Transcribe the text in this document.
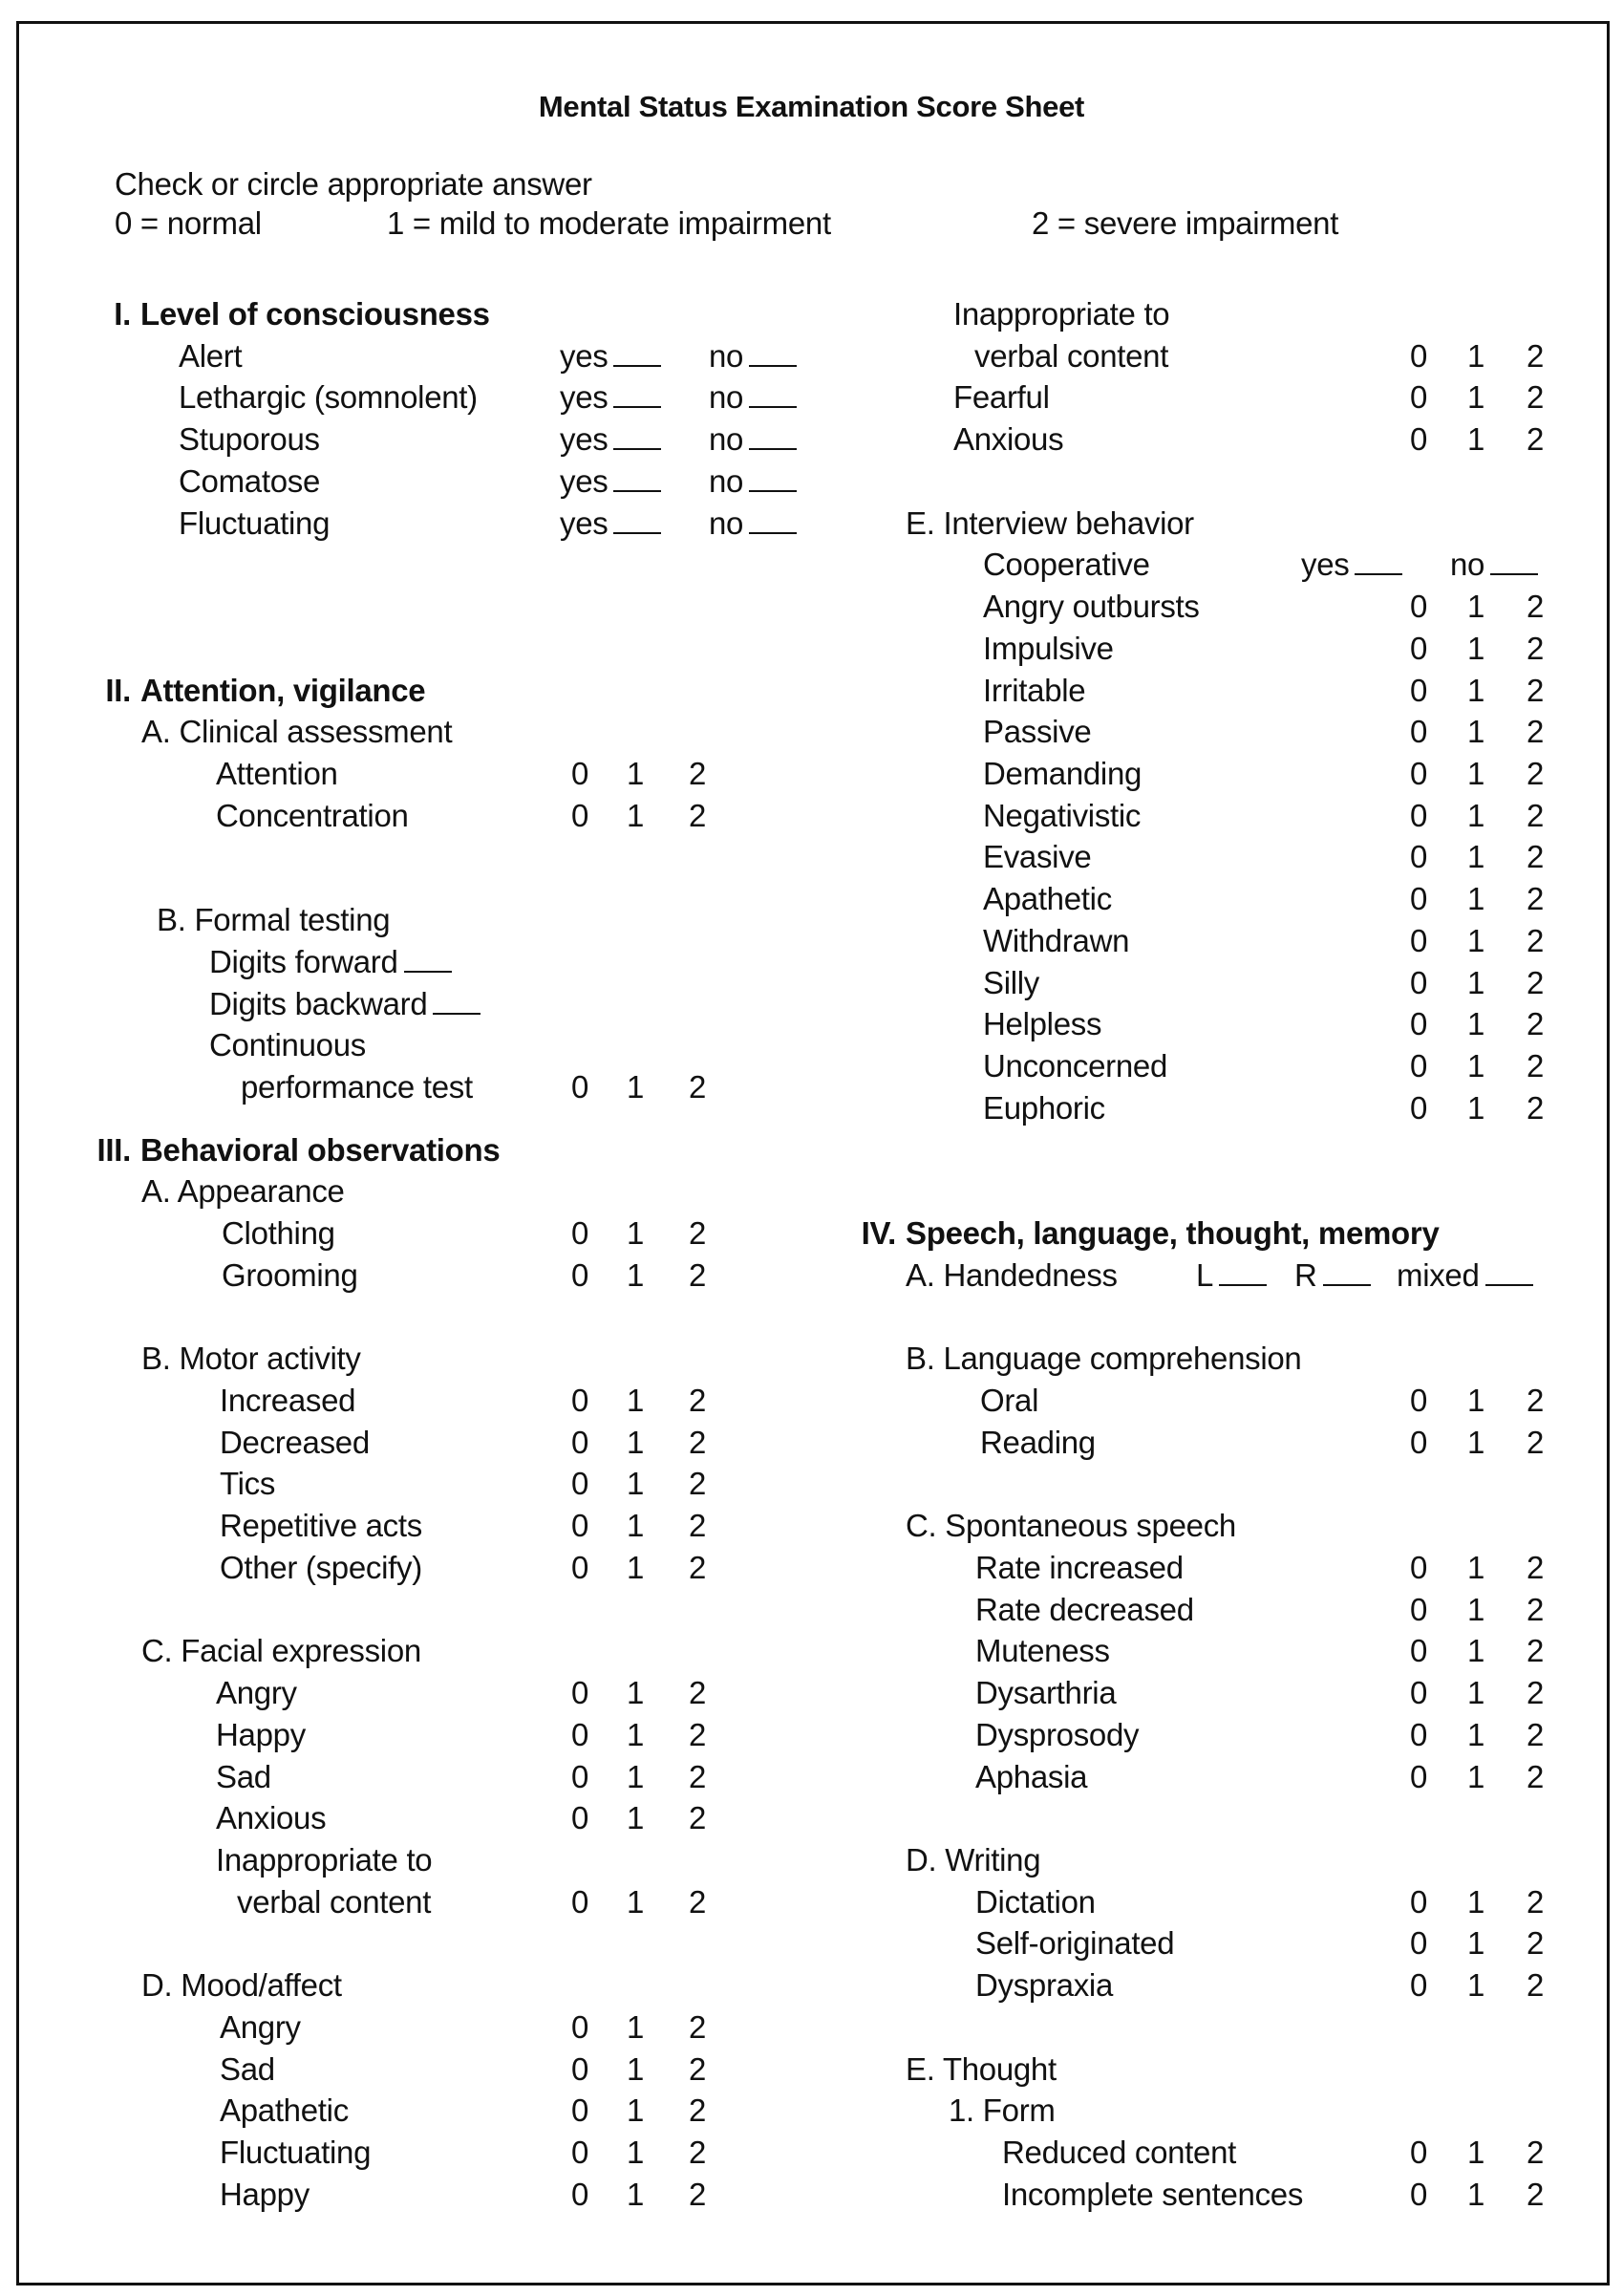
Mental Status Examination Score Sheet
Check or circle appropriate answer
0 = normal	1 = mild to moderate impairment	2 = severe impairment
I. Level of consciousness
Alert	yes	no
Lethargic (somnolent)	yes	no
Stuporous	yes	no
Comatose	yes	no
Fluctuating	yes	no
II. Attention, vigilance
A. Clinical assessment
Attention	0 1 2
Concentration	0 1 2
B. Formal testing
Digits forward
Digits backward
Continuous
performance test	0 1 2
III. Behavioral observations
A. Appearance
Clothing	0 1 2
Grooming	0 1 2
B. Motor activity
Increased	0 1 2
Decreased	0 1 2
Tics	0 1 2
Repetitive acts	0 1 2
Other (specify)	0 1 2
C. Facial expression
Angry	0 1 2
Happy	0 1 2
Sad	0 1 2
Anxious	0 1 2
Inappropriate to
verbal content	0 1 2
D. Mood/affect
Angry	0 1 2
Sad	0 1 2
Apathetic	0 1 2
Fluctuating	0 1 2
Happy	0 1 2
Inappropriate to
verbal content	0 1 2
Fearful	0 1 2
Anxious	0 1 2
E. Interview behavior
Cooperative	yes	no
Angry outbursts	0 1 2
Impulsive	0 1 2
Irritable	0 1 2
Passive	0 1 2
Demanding	0 1 2
Negativistic	0 1 2
Evasive	0 1 2
Apathetic	0 1 2
Withdrawn	0 1 2
Silly	0 1 2
Helpless	0 1 2
Unconcerned	0 1 2
Euphoric	0 1 2
IV. Speech, language, thought, memory
A. Handedness L	R	mixed
B. Language comprehension
Oral	0 1 2
Reading	0 1 2
C. Spontaneous speech
Rate increased	0 1 2
Rate decreased	0 1 2
Muteness	0 1 2
Dysarthria	0 1 2
Dysprosody	0 1 2
Aphasia	0 1 2
D. Writing
Dictation	0 1 2
Self-originated	0 1 2
Dyspraxia	0 1 2
E. Thought
1. Form
Reduced content	0 1 2
Incomplete sentences	0 1 2
